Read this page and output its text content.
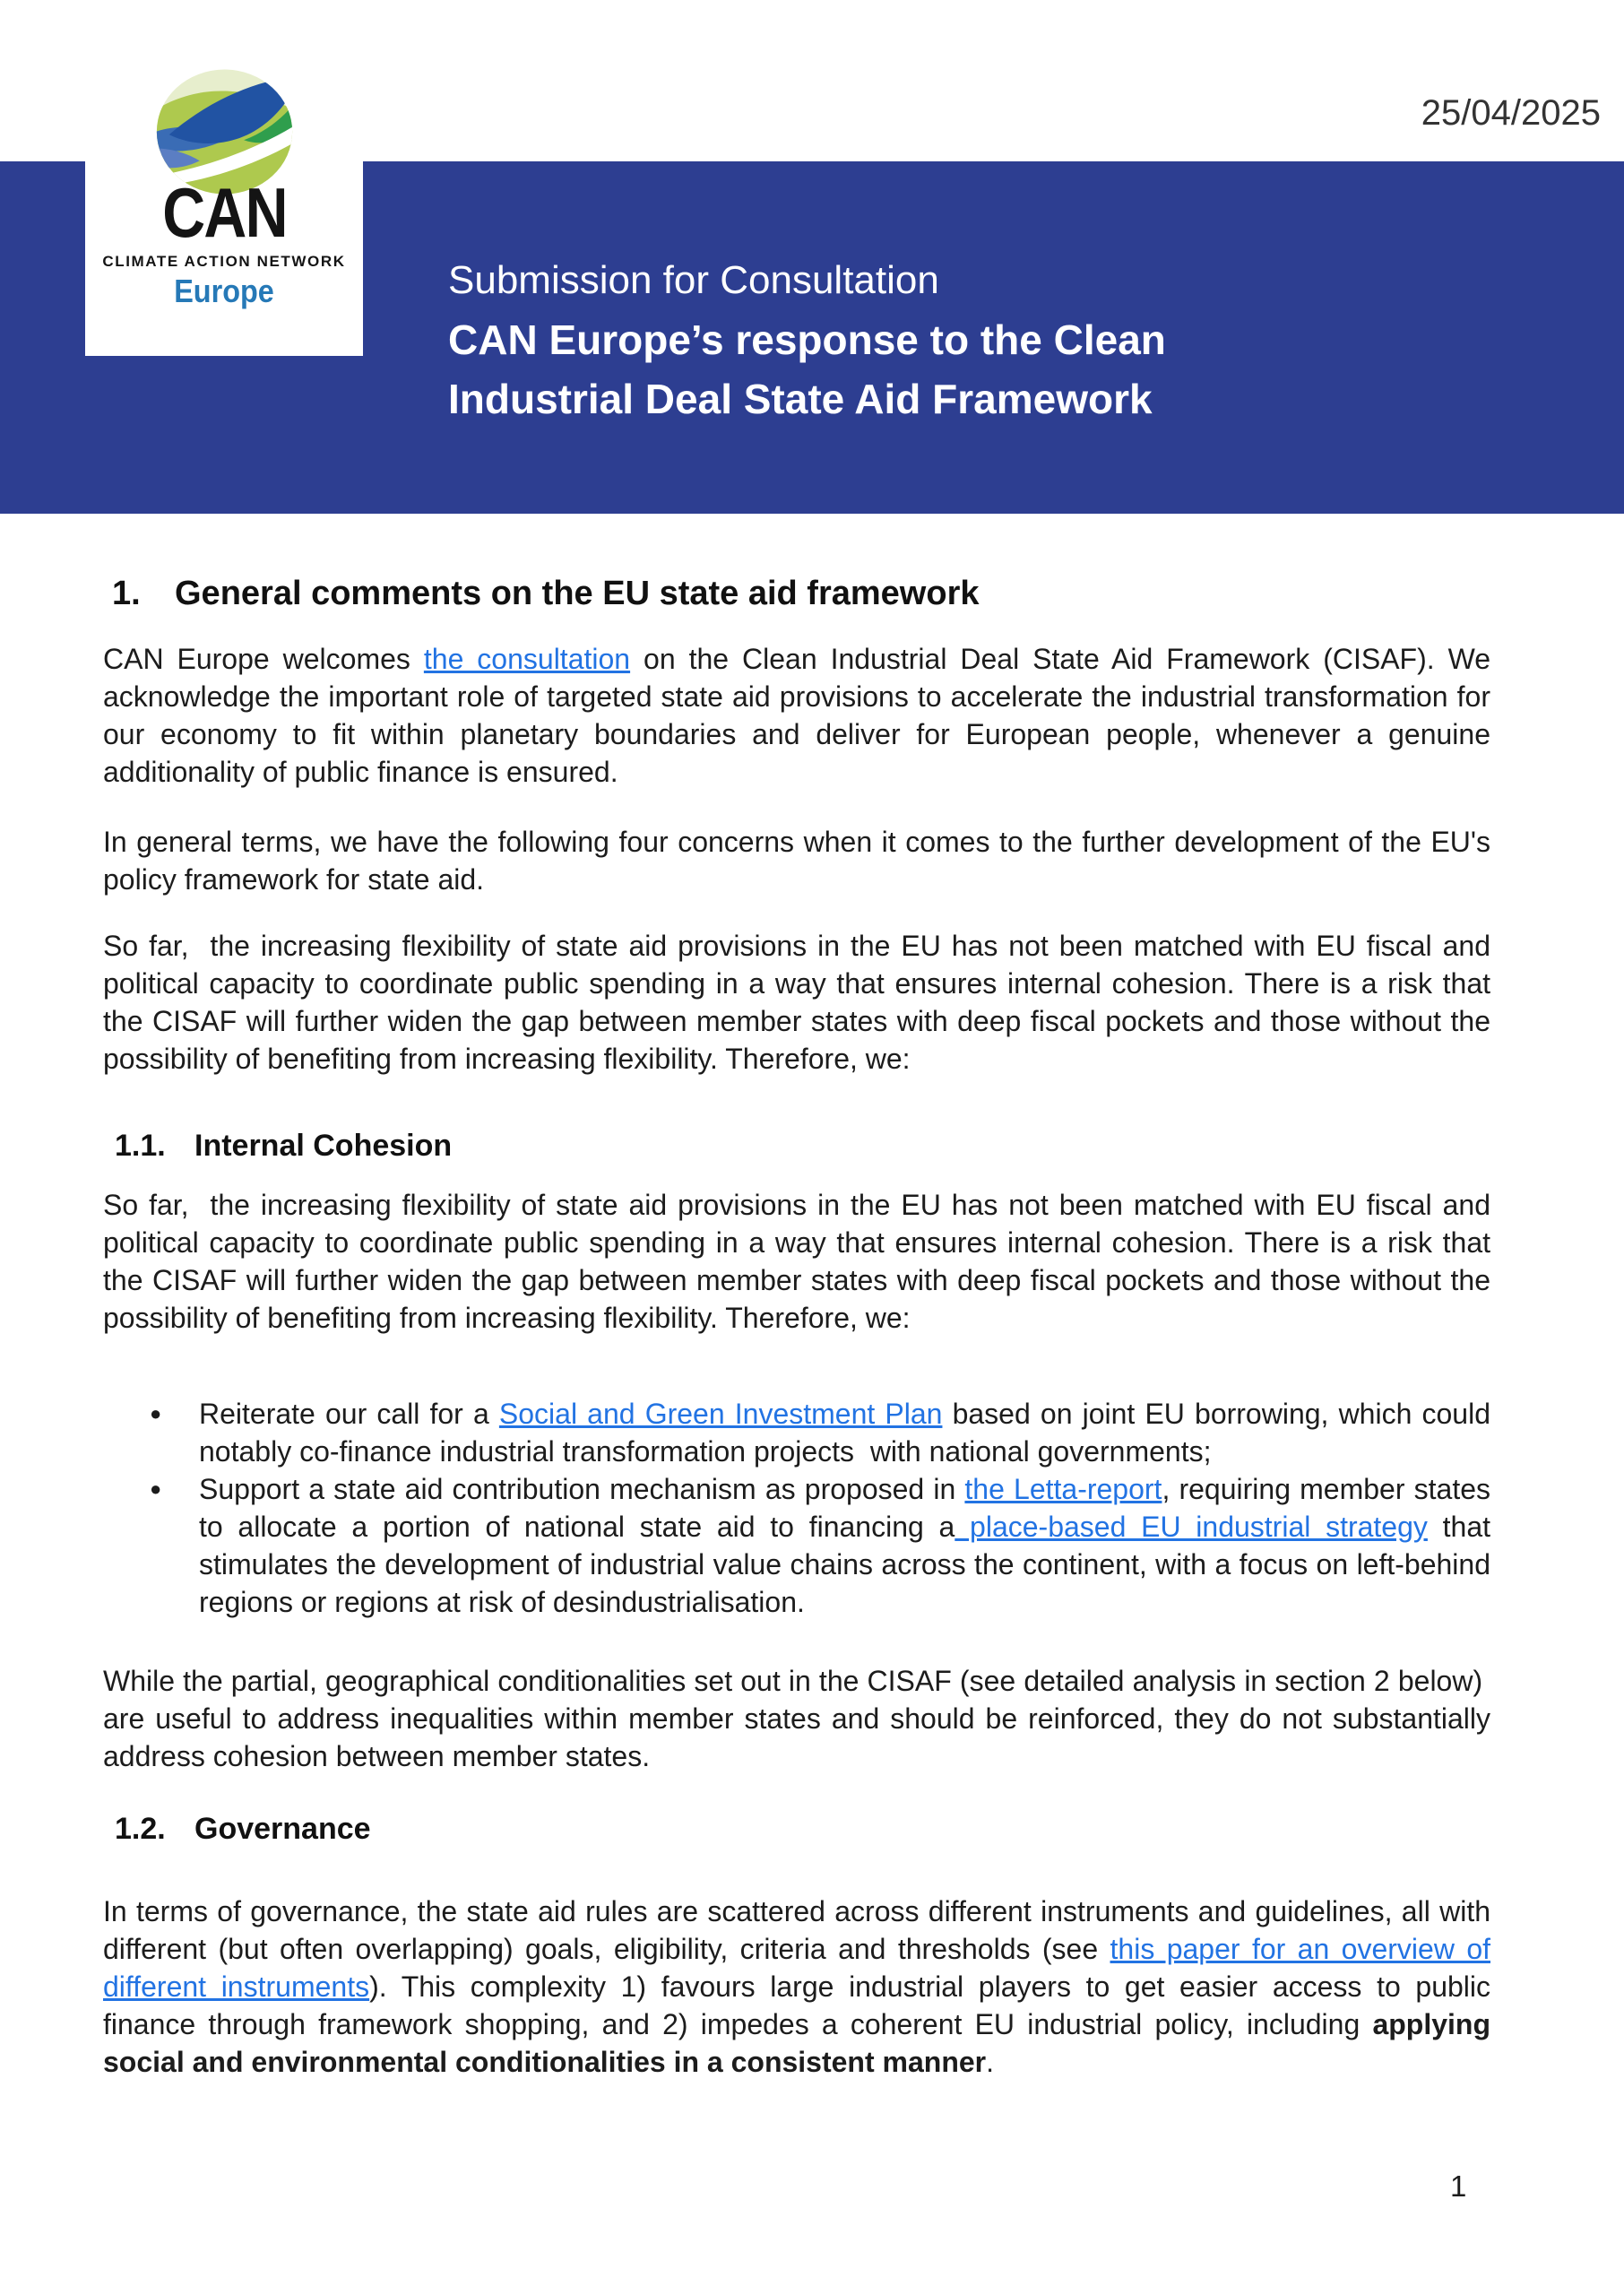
25/04/2025
Submission for Consultation
CAN Europe’s response to the Clean
Industrial Deal State Aid Framework
CAN
CLIMATE ACTION NETWORK
Europe
1.	General comments on the EU state aid framework
CAN Europe welcomes the consultation on the Clean Industrial Deal State Aid Framework (CISAF). We acknowledge the important role of targeted state aid provisions to accelerate the industrial transformation for our economy to fit within planetary boundaries and deliver for European people, whenever a genuine additionality of public finance is ensured.
In general terms, we have the following four concerns when it comes to the further development of the EU's policy framework for state aid.
So far,  the increasing flexibility of state aid provisions in the EU has not been matched with EU fiscal and political capacity to coordinate public spending in a way that ensures internal cohesion. There is a risk that the CISAF will further widen the gap between member states with deep fiscal pockets and those without the possibility of benefiting from increasing flexibility. Therefore, we:
1.1. Internal Cohesion
So far,  the increasing flexibility of state aid provisions in the EU has not been matched with EU fiscal and political capacity to coordinate public spending in a way that ensures internal cohesion. There is a risk that the CISAF will further widen the gap between member states with deep fiscal pockets and those without the possibility of benefiting from increasing flexibility. Therefore, we:
●	Reiterate our call for a Social and Green Investment Plan based on joint EU borrowing, which could notably co-finance industrial transformation projects  with national governments;
●	Support a state aid contribution mechanism as proposed in the Letta-report, requiring member states to allocate a portion of national state aid to financing a place-based EU industrial strategy that stimulates the development of industrial value chains across the continent, with a focus on left-behind regions or regions at risk of desindustrialisation.
While the partial, geographical conditionalities set out in the CISAF (see detailed analysis in section 2 below)  are useful to address inequalities within member states and should be reinforced, they do not substantially address cohesion between member states.
1.2. Governance
In terms of governance, the state aid rules are scattered across different instruments and guidelines, all with different (but often overlapping) goals, eligibility, criteria and thresholds (see this paper for an overview of different instruments). This complexity 1) favours large industrial players to get easier access to public finance through framework shopping, and 2) impedes a coherent EU industrial policy, including applying social and environmental conditionalities in a consistent manner.
1
